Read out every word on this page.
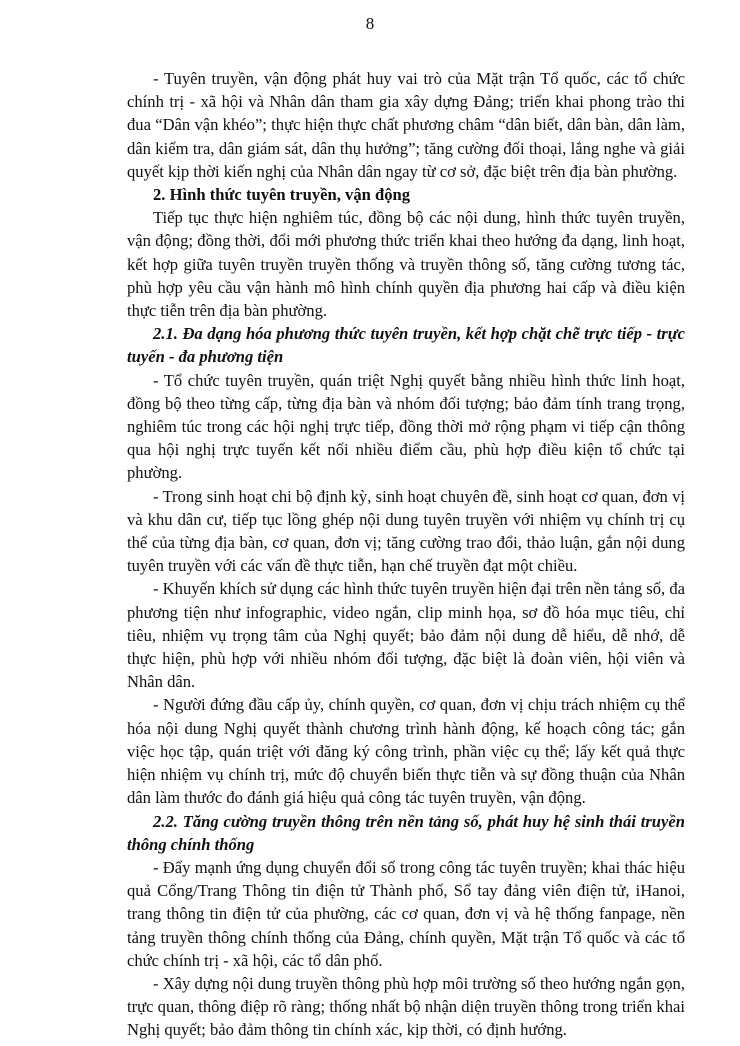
8

- Tuyên truyền, vận động phát huy vai trò của Mặt trận Tổ quốc, các tổ chức chính trị - xã hội và Nhân dân tham gia xây dựng Đảng; triển khai phong trào thi đua “Dân vận khéo”; thực hiện thực chất phương châm “dân biết, dân bàn, dân làm, dân kiểm tra, dân giám sát, dân thụ hưởng”; tăng cường đối thoại, lắng nghe và giải quyết kịp thời kiến nghị của Nhân dân ngay từ cơ sở, đặc biệt trên địa bàn phường.

2. Hình thức tuyên truyền, vận động

Tiếp tục thực hiện nghiêm túc, đồng bộ các nội dung, hình thức tuyên truyền, vận động; đồng thời, đổi mới phương thức triển khai theo hướng đa dạng, linh hoạt, kết hợp giữa tuyên truyền truyền thống và truyền thông số, tăng cường tương tác, phù hợp yêu cầu vận hành mô hình chính quyền địa phương hai cấp và điều kiện thực tiễn trên địa bàn phường.

2.1. Đa dạng hóa phương thức tuyên truyền, kết hợp chặt chẽ trực tiếp - trực tuyến - đa phương tiện

- Tổ chức tuyên truyền, quán triệt Nghị quyết bằng nhiều hình thức linh hoạt, đồng bộ theo từng cấp, từng địa bàn và nhóm đối tượng; bảo đảm tính trang trọng, nghiêm túc trong các hội nghị trực tiếp, đồng thời mở rộng phạm vi tiếp cận thông qua hội nghị trực tuyến kết nối nhiều điểm cầu, phù hợp điều kiện tổ chức tại phường.

- Trong sinh hoạt chi bộ định kỳ, sinh hoạt chuyên đề, sinh hoạt cơ quan, đơn vị và khu dân cư, tiếp tục lồng ghép nội dung tuyên truyền với nhiệm vụ chính trị cụ thể của từng địa bàn, cơ quan, đơn vị; tăng cường trao đổi, thảo luận, gắn nội dung tuyên truyền với các vấn đề thực tiễn, hạn chế truyền đạt một chiều.

- Khuyến khích sử dụng các hình thức tuyên truyền hiện đại trên nền tảng số, đa phương tiện như infographic, video ngắn, clip minh họa, sơ đồ hóa mục tiêu, chỉ tiêu, nhiệm vụ trọng tâm của Nghị quyết; bảo đảm nội dung dễ hiểu, dễ nhớ, dễ thực hiện, phù hợp với nhiều nhóm đối tượng, đặc biệt là đoàn viên, hội viên và Nhân dân.

- Người đứng đầu cấp ủy, chính quyền, cơ quan, đơn vị chịu trách nhiệm cụ thể hóa nội dung Nghị quyết thành chương trình hành động, kế hoạch công tác; gắn việc học tập, quán triệt với đăng ký công trình, phần việc cụ thể; lấy kết quả thực hiện nhiệm vụ chính trị, mức độ chuyển biến thực tiễn và sự đồng thuận của Nhân dân làm thước đo đánh giá hiệu quả công tác tuyên truyền, vận động.

2.2. Tăng cường truyền thông trên nền tảng số, phát huy hệ sinh thái truyền thông chính thống

- Đẩy mạnh ứng dụng chuyển đổi số trong công tác tuyên truyền; khai thác hiệu quả Cổng/Trang Thông tin điện tử Thành phố, Sổ tay đảng viên điện tử, iHanoi, trang thông tin điện tử của phường, các cơ quan, đơn vị và hệ thống fanpage, nền tảng truyền thông chính thống của Đảng, chính quyền, Mặt trận Tổ quốc và các tổ chức chính trị - xã hội, các tổ dân phố.

- Xây dựng nội dung truyền thông phù hợp môi trường số theo hướng ngắn gọn, trực quan, thông điệp rõ ràng; thống nhất bộ nhận diện truyền thông trong triển khai Nghị quyết; bảo đảm thông tin chính xác, kịp thời, có định hướng.
